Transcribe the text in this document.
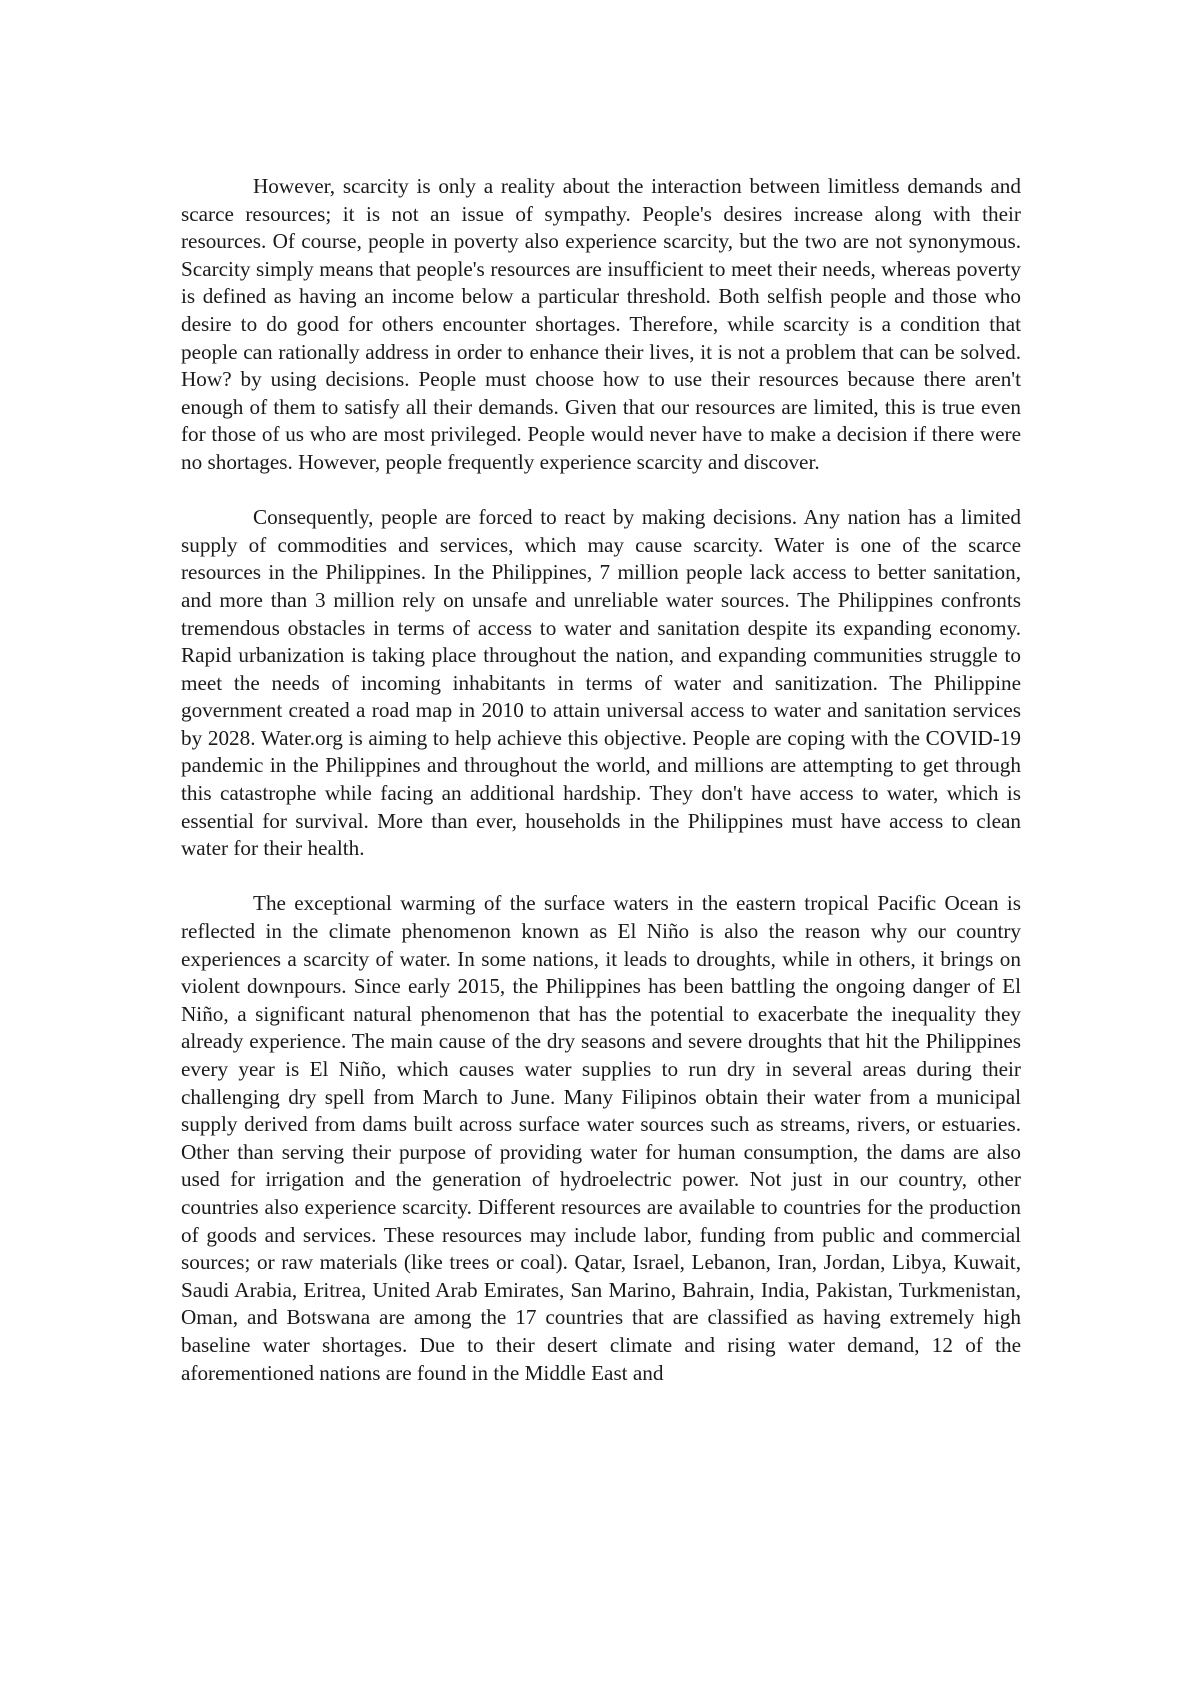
However, scarcity is only a reality about the interaction between limitless demands and scarce resources; it is not an issue of sympathy. People's desires increase along with their resources. Of course, people in poverty also experience scarcity, but the two are not synonymous. Scarcity simply means that people's resources are insufficient to meet their needs, whereas poverty is defined as having an income below a particular threshold. Both selfish people and those who desire to do good for others encounter shortages. Therefore, while scarcity is a condition that people can rationally address in order to enhance their lives, it is not a problem that can be solved. How? by using decisions. People must choose how to use their resources because there aren't enough of them to satisfy all their demands. Given that our resources are limited, this is true even for those of us who are most privileged. People would never have to make a decision if there were no shortages. However, people frequently experience scarcity and discover.

Consequently, people are forced to react by making decisions. Any nation has a limited supply of commodities and services, which may cause scarcity. Water is one of the scarce resources in the Philippines. In the Philippines, 7 million people lack access to better sanitation, and more than 3 million rely on unsafe and unreliable water sources. The Philippines confronts tremendous obstacles in terms of access to water and sanitation despite its expanding economy. Rapid urbanization is taking place throughout the nation, and expanding communities struggle to meet the needs of incoming inhabitants in terms of water and sanitization. The Philippine government created a road map in 2010 to attain universal access to water and sanitation services by 2028. Water.org is aiming to help achieve this objective. People are coping with the COVID-19 pandemic in the Philippines and throughout the world, and millions are attempting to get through this catastrophe while facing an additional hardship. They don't have access to water, which is essential for survival. More than ever, households in the Philippines must have access to clean water for their health.

The exceptional warming of the surface waters in the eastern tropical Pacific Ocean is reflected in the climate phenomenon known as El Niño is also the reason why our country experiences a scarcity of water. In some nations, it leads to droughts, while in others, it brings on violent downpours. Since early 2015, the Philippines has been battling the ongoing danger of El Niño, a significant natural phenomenon that has the potential to exacerbate the inequality they already experience. The main cause of the dry seasons and severe droughts that hit the Philippines every year is El Niño, which causes water supplies to run dry in several areas during their challenging dry spell from March to June. Many Filipinos obtain their water from a municipal supply derived from dams built across surface water sources such as streams, rivers, or estuaries. Other than serving their purpose of providing water for human consumption, the dams are also used for irrigation and the generation of hydroelectric power. Not just in our country, other countries also experience scarcity. Different resources are available to countries for the production of goods and services. These resources may include labor, funding from public and commercial sources; or raw materials (like trees or coal). Qatar, Israel, Lebanon, Iran, Jordan, Libya, Kuwait, Saudi Arabia, Eritrea, United Arab Emirates, San Marino, Bahrain, India, Pakistan, Turkmenistan, Oman, and Botswana are among the 17 countries that are classified as having extremely high baseline water shortages. Due to their desert climate and rising water demand, 12 of the aforementioned nations are found in the Middle East and
